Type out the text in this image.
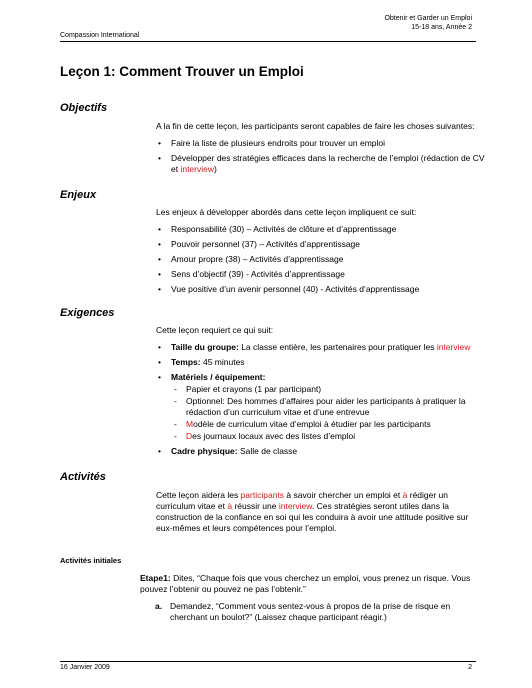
Obtenir et Garder un Emploi
15-18 ans, Année 2
Compassion International
Leçon 1: Comment Trouver un Emploi
Objectifs

A la fin de cette leçon, les participants seront capables de faire les choses suivantes:

• Faire la liste de plusieurs endroits pour trouver un emploi
• Développer des stratégies efficaces dans la recherche de l’emploi (rédaction de CV et interview)
Enjeux

Les enjeux à développer abordés dans cette leçon impliquent ce suit:

• Responsabilité (30) – Activités de clôture et d’apprentissage
• Pouvoir personnel (37) – Activités d’apprentissage
• Amour propre (38) – Activités d’apprentissage
• Sens d’objectif (39) - Activités d’apprentissage
• Vue positive d’un avenir personnel (40) - Activités d’apprentissage
Exigences

Cette leçon requiert ce qui suit:

• Taille du groupe: La classe entière, les partenaires pour pratiquer les interview
• Temps: 45 minutes
• Matériels / équipement:
- Papier et crayons (1 par participant)
- Optionnel: Des hommes d’affaires pour aider les participants à pratiquer la rédaction d’un curriculum vitae et d’une entrevue
- Modèle de curriculum vitae d’emploi à étudier par les participants
- Des journaux locaux avec des listes d’emploi
• Cadre physique: Salle de classe
Activités

Cette leçon aidera les participants à savoir chercher un emploi et à rédiger un curriculum vitae et à réussir une interview. Ces stratégies seront utiles dans la construction de la confiance en soi qui les conduira à avoir une attitude positive sur eux-mêmes et leurs compétences pour l’emploi.

Activités initiales

Etape1: Dites, “Chaque fois que vous cherchez un emploi, vous prenez un risque. Vous pouvez l’obtenir ou pouvez ne pas l’obtenir.”

a. Demandez, “Comment vous sentez-vous à propos de la prise de risque en cherchant un boulot?” (Laissez chaque participant réagir.)
16 Janvier 2009	2
